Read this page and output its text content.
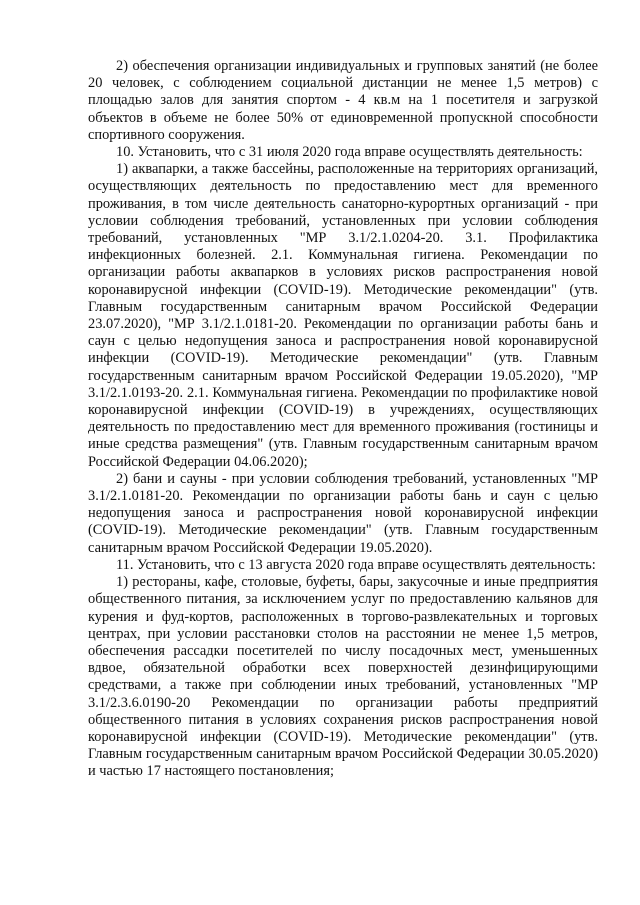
2) обеспечения организации индивидуальных и групповых занятий (не более 20 человек, с соблюдением социальной дистанции не менее 1,5 метров) с площадью залов для занятия спортом - 4 кв.м на 1 посетителя и загрузкой объектов в объеме не более 50% от единовременной пропускной способности спортивного сооружения.

10. Установить, что с 31 июля 2020 года вправе осуществлять деятельность:

1) аквапарки, а также бассейны, расположенные на территориях организаций, осуществляющих деятельность по предоставлению мест для временного проживания, в том числе деятельность санаторно-курортных организаций - при условии соблюдения требований, установленных при условии соблюдения требований, установленных "МР 3.1/2.1.0204-20. 3.1. Профилактика инфекционных болезней. 2.1. Коммунальная гигиена. Рекомендации по организации работы аквапарков в условиях рисков распространения новой коронавирусной инфекции (COVID-19). Методические рекомендации" (утв. Главным государственным санитарным врачом Российской Федерации 23.07.2020), "МР 3.1/2.1.0181-20. Рекомендации по организации работы бань и саун с целью недопущения заноса и распространения новой коронавирусной инфекции (COVID-19). Методические рекомендации" (утв. Главным государственным санитарным врачом Российской Федерации 19.05.2020), "МР 3.1/2.1.0193-20. 2.1. Коммунальная гигиена. Рекомендации по профилактике новой коронавирусной инфекции (COVID-19) в учреждениях, осуществляющих деятельность по предоставлению мест для временного проживания (гостиницы и иные средства размещения" (утв. Главным государственным санитарным врачом Российской Федерации 04.06.2020);

2) бани и сауны - при условии соблюдения требований, установленных "МР 3.1/2.1.0181-20. Рекомендации по организации работы бань и саун с целью недопущения заноса и распространения новой коронавирусной инфекции (COVID-19). Методические рекомендации" (утв. Главным государственным санитарным врачом Российской Федерации 19.05.2020).

11. Установить, что с 13 августа 2020 года вправе осуществлять деятельность:

1) рестораны, кафе, столовые, буфеты, бары, закусочные и иные предприятия общественного питания, за исключением услуг по предоставлению кальянов для курения и фуд-кортов, расположенных в торгово-развлекательных и торговых центрах, при условии расстановки столов на расстоянии не менее 1,5 метров, обеспечения рассадки посетителей по числу посадочных мест, уменьшенных вдвое, обязательной обработки всех поверхностей дезинфицирующими средствами, а также при соблюдении иных требований, установленных "МР 3.1/2.3.6.0190-20 Рекомендации по организации работы предприятий общественного питания в условиях сохранения рисков распространения новой коронавирусной инфекции (COVID-19). Методические рекомендации" (утв. Главным государственным санитарным врачом Российской Федерации 30.05.2020) и частью 17 настоящего постановления;
